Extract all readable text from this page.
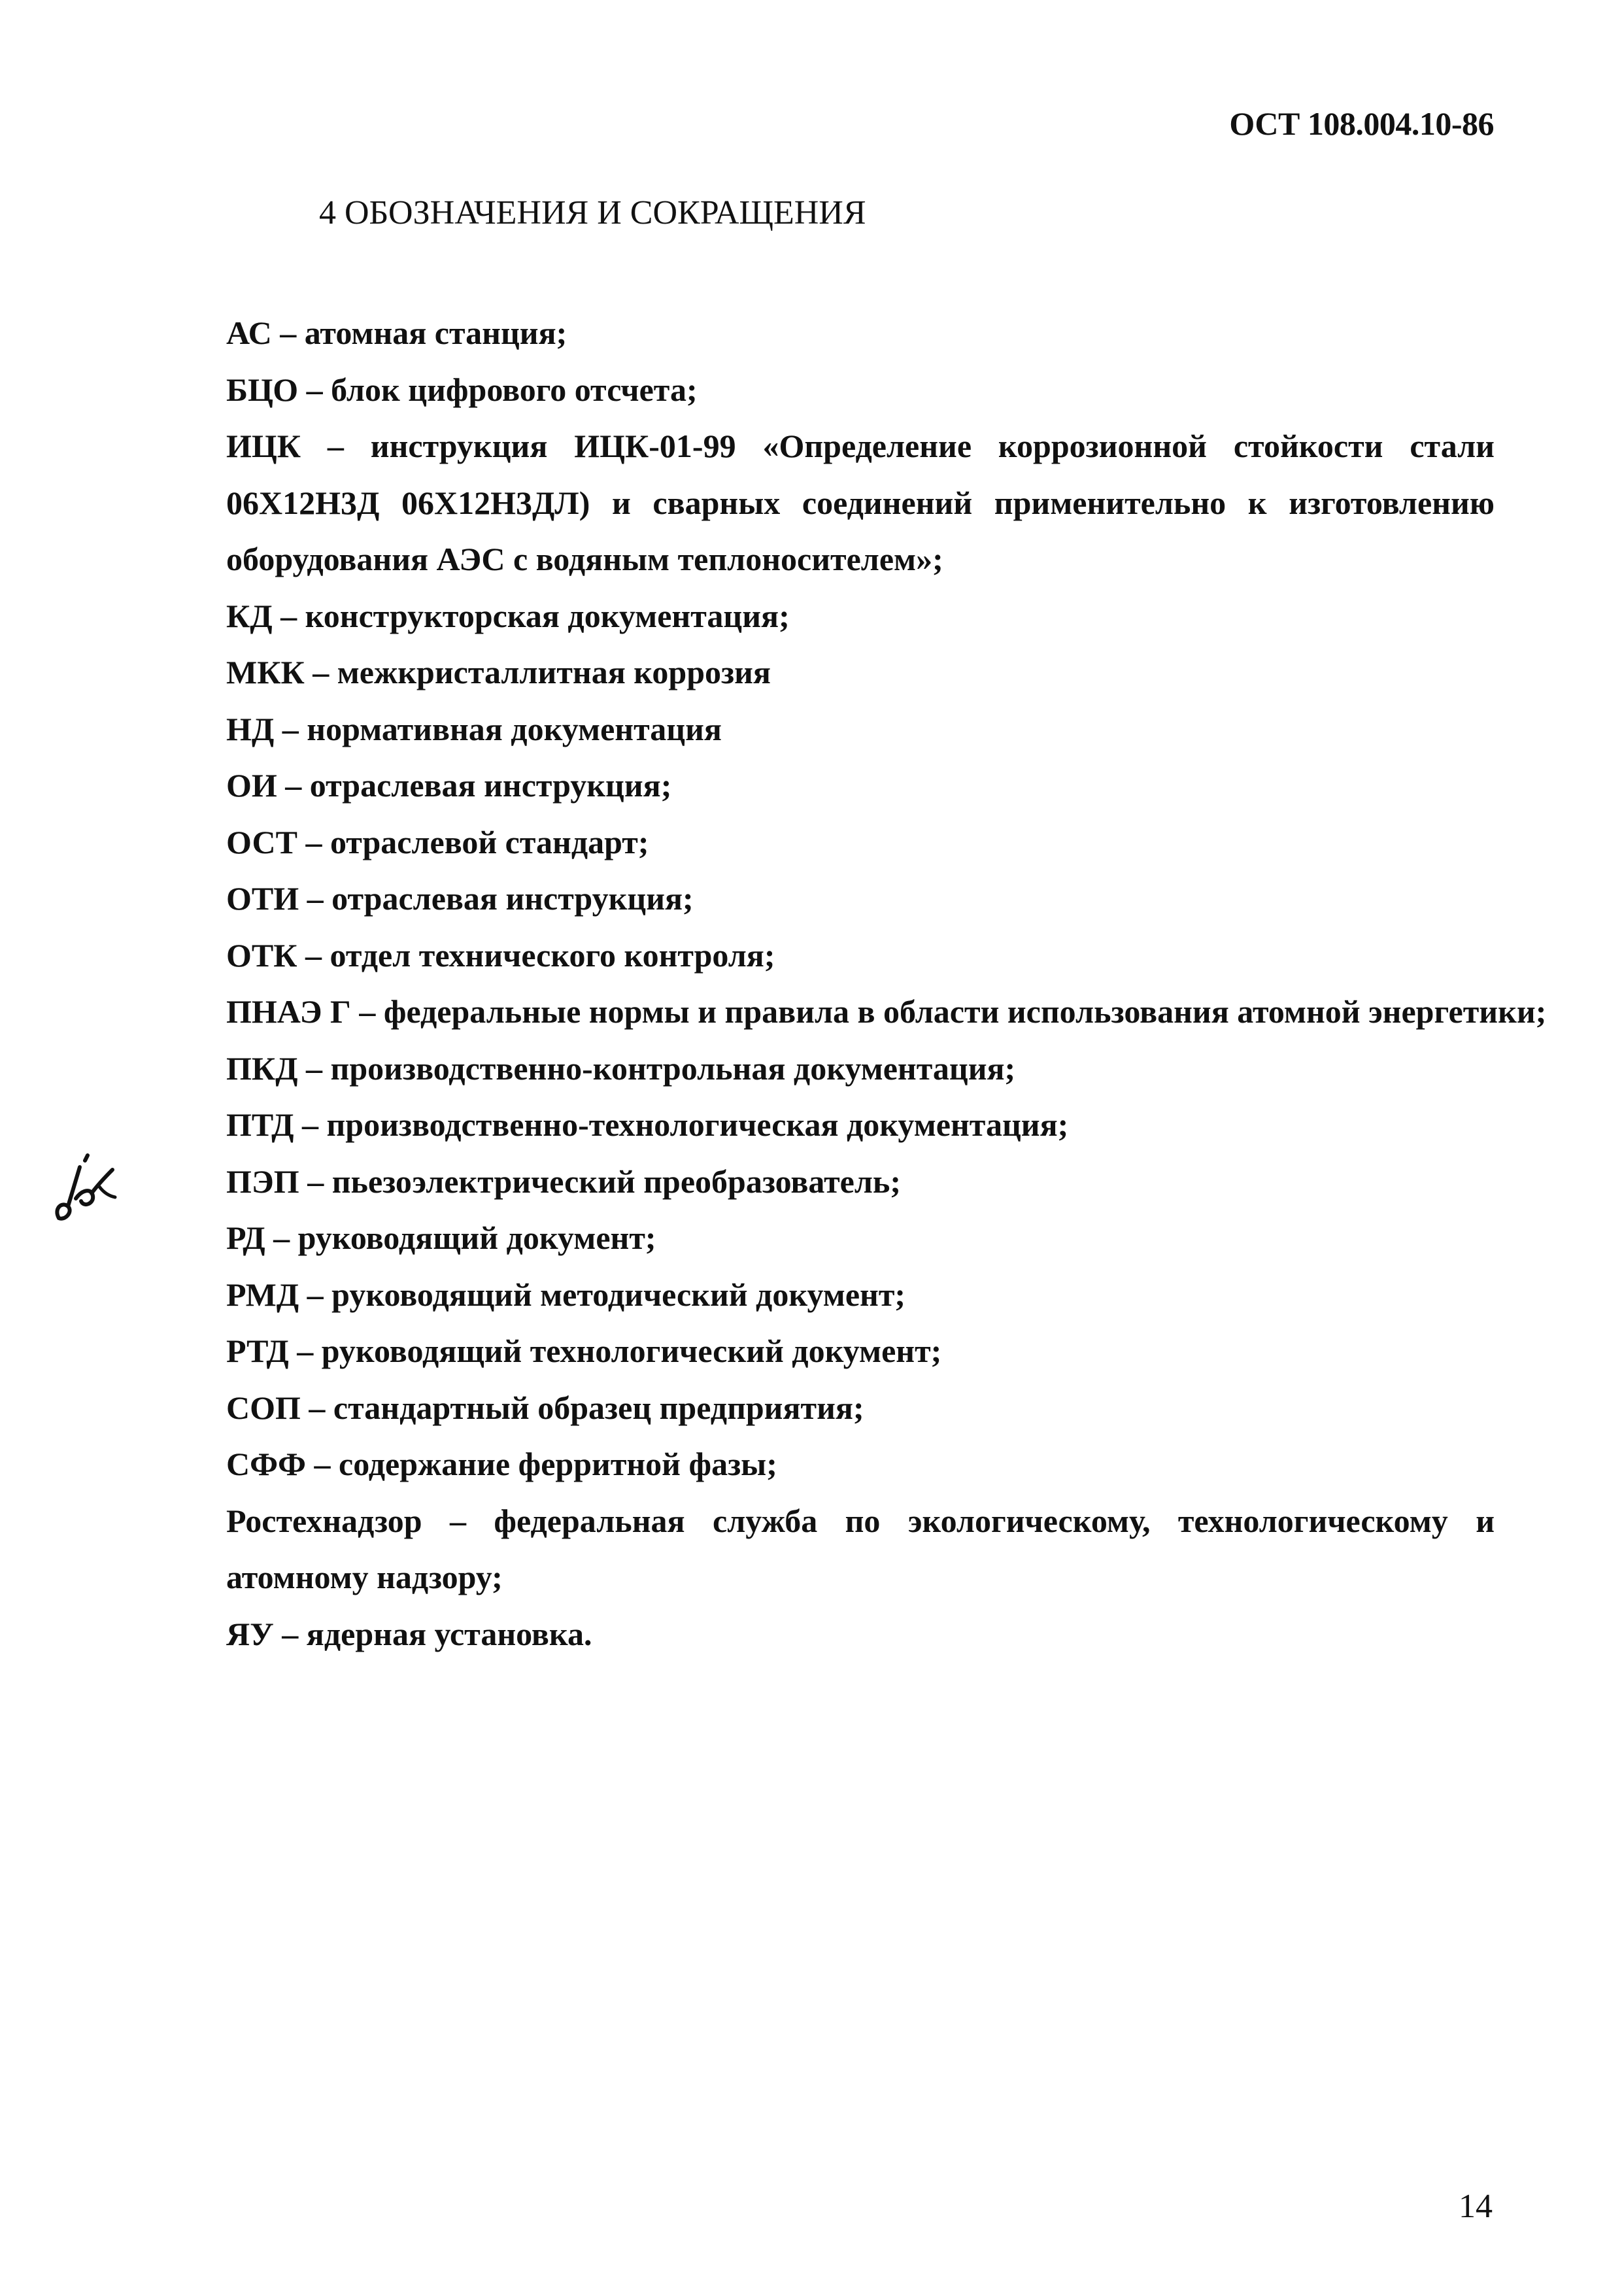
ОСТ 108.004.10-86
4 ОБОЗНАЧЕНИЯ И СОКРАЩЕНИЯ
АС – атомная станция;
БЦО – блок цифрового отсчета;
ИЦК – инструкция ИЦК-01-99 «Определение коррозионной стойкости стали 06Х12Н3Д 06Х12Н3ДЛ) и сварных соединений применительно к изготовлению оборудования АЭС с водяным теплоносителем»;
КД – конструкторская документация;
МКК – межкристаллитная коррозия
НД – нормативная документация
ОИ – отраслевая инструкция;
ОСТ – отраслевой стандарт;
ОТИ – отраслевая инструкция;
ОТК – отдел технического контроля;
ПНАЭ Г – федеральные нормы и правила в области использования атомной энергетики;
ПКД – производственно-контрольная документация;
ПТД – производственно-технологическая документация;
ПЭП – пьезоэлектрический преобразователь;
РД – руководящий документ;
РМД – руководящий методический документ;
РТД – руководящий технологический документ;
СОП – стандартный образец предприятия;
СФФ – содержание ферритной фазы;
Ростехнадзор – федеральная служба по экологическому, технологическому и атомному надзору;
ЯУ – ядерная установка.
14
